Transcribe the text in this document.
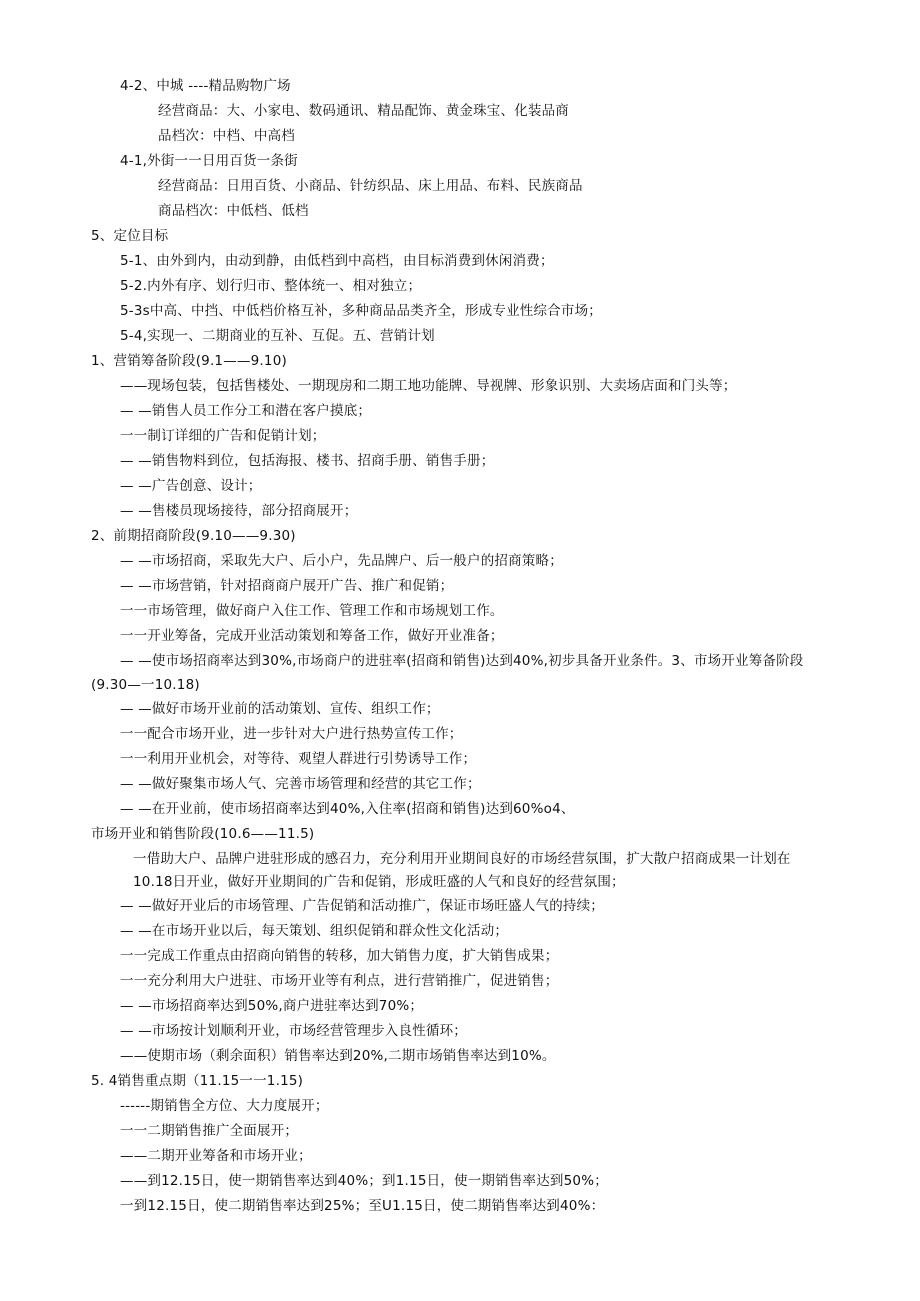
4-2、中城 ----精品购物广场
经营商品：大、小家电、数码通讯、精品配饰、黄金珠宝、化装品商
品档次：中档、中高档
4-1,外街一一日用百货一条街
经营商品：日用百货、小商品、针纺织品、床上用品、布料、民族商品
商品档次：中低档、低档
5、定位目标
5-1、由外到内，由动到静，由低档到中高档，由目标消费到休闲消费；
5-2.内外有序、划行归市、整体统一、相对独立；
5-3s中高、中挡、中低档价格互补，多种商品品类齐全，形成专业性综合市场；
5-4,实现一、二期商业的互补、互促。五、营销计划
1、营销筹备阶段(9.1——9.10)
——现场包装，包括售楼处、一期现房和二期工地功能牌、导视牌、形象识别、大卖场店面和门头等；
— —销售人员工作分工和潜在客户摸底；
一一制订详细的广告和促销计划；
— —销售物料到位，包括海报、楼书、招商手册、销售手册；
— —广告创意、设计；
— —售楼员现场接待，部分招商展开；
2、前期招商阶段(9.10——9.30)
— —市场招商，采取先大户、后小户，先品牌户、后一般户的招商策略；
— —市场营销，针对招商商户展开广告、推广和促销；
一一市场管理，做好商户入住工作、管理工作和市场规划工作。
一一开业筹备，完成开业活动策划和筹备工作，做好开业准备；
— —使市场招商率达到30%,市场商户的进驻率(招商和销售)达到40%,初步具备开业条件。3、市场开业筹备阶段
(9.30—一10.18)
— —做好市场开业前的活动策划、宣传、组织工作；
一一配合市场开业，进一步针对大户进行热势宣传工作；
一一利用开业机会，对等待、观望人群进行引势诱导工作；
— —做好聚集市场人气、完善市场管理和经营的其它工作；
— —在开业前，使市场招商率达到40%,入住率(招商和销售)达到60%o4、
市场开业和销售阶段(10.6——11.5)
一借助大户、品牌户进驻形成的感召力，充分利用开业期间良好的市场经营氛围，扩大散户招商成果一计划在
10.18日开业，做好开业期间的广告和促销，形成旺盛的人气和良好的经营氛围；
— —做好开业后的市场管理、广告促销和活动推广，保证市场旺盛人气的持续；
— —在市场开业以后，每天策划、组织促销和群众性文化活动；
一一完成工作重点由招商向销售的转移，加大销售力度，扩大销售成果；
一一充分利用大户进驻、市场开业等有利点，进行营销推广，促进销售；
— —市场招商率达到50%,商户进驻率达到70%；
— —市场按计划顺利开业，市场经营管理步入良性循环；
——使期市场（剩余面积）销售率达到20%,二期市场销售率达到10%。
5. 4销售重点期（11.15一一1.15)
------期销售全方位、大力度展开；
一一二期销售推广全面展开；
——二期开业筹备和市场开业；
——到12.15日，使一期销售率达到40%；到1.15日，使一期销售率达到50%；
一到12.15日，使二期销售率达到25%；至U1.15日，使二期销售率达到40%：
